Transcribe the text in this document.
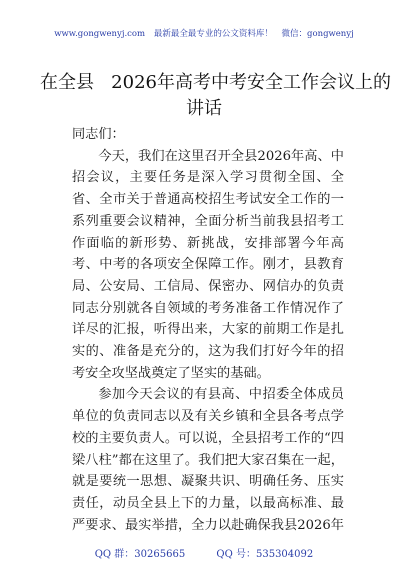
www.gongwenyj.com 最新最全最专业的公文资料库！ 微信：gongwenyj
在全县   2026年高考中考安全工作会议上的
讲话

同志们：

今天，我们在这里召开全县2026年高、中招会议，主要任务是深入学习贯彻全国、全省、全市关于普通高校招生考试安全工作的一系列重要会议精神，全面分析当前我县招考工作面临的新形势、新挑战，安排部署今年高考、中考的各项安全保障工作。刚才，县教育局、公安局、工信局、保密办、网信办的负责同志分别就各自领域的考务准备工作情况作了详尽的汇报，听得出来，大家的前期工作是扎实的、准备是充分的，这为我们打好今年的招考安全攻坚战奠定了坚实的基础。

参加今天会议的有县高、中招委全体成员单位的负责同志以及有关乡镇和全县各考点学校的主要负责人。可以说，全县招考工作的“四梁八柱”都在这里了。我们把大家召集在一起，就是要统一思想、凝聚共识、明确任务、压实责任，动员全县上下的力量，以最高标准、最严要求、最实举措，全力以赴确保我县2026年

QQ 群：30265665	QQ 号：535304092
